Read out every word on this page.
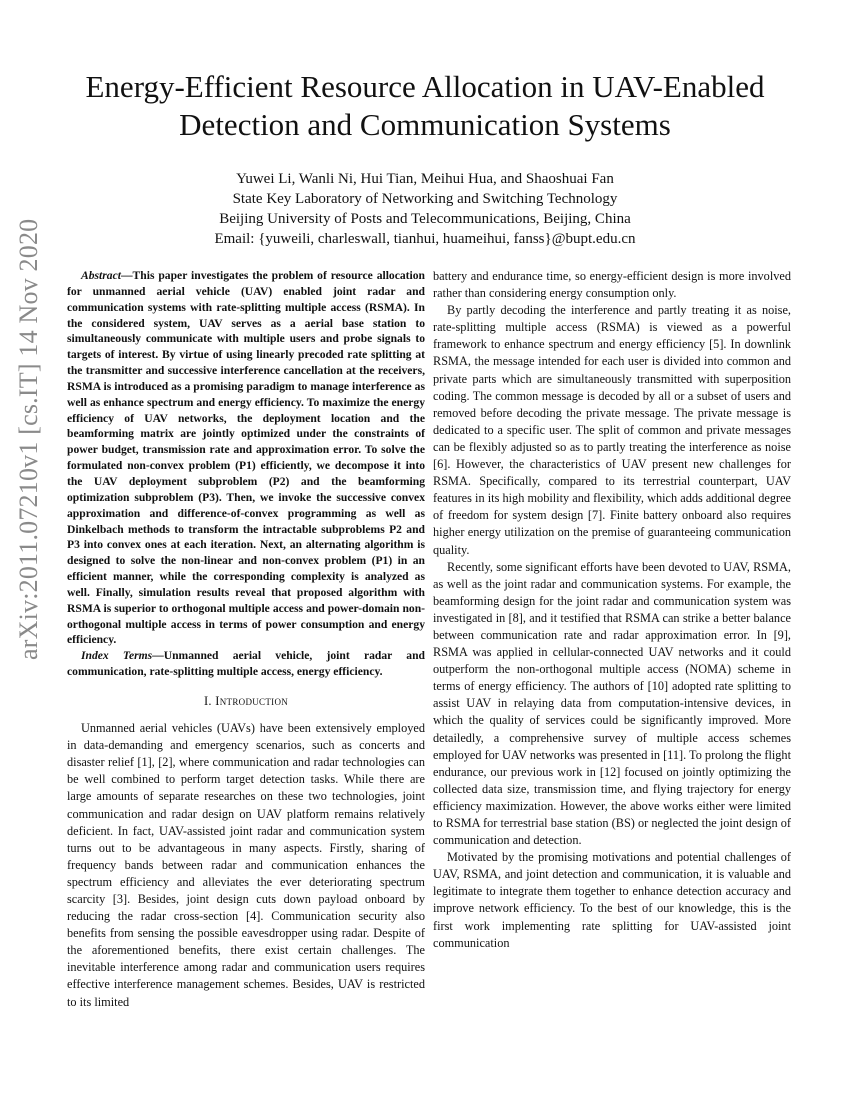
arXiv:2011.07210v1 [cs.IT] 14 Nov 2020
Energy-Efficient Resource Allocation in UAV-Enabled
Detection and Communication Systems
Yuwei Li, Wanli Ni, Hui Tian, Meihui Hua, and Shaoshuai Fan
State Key Laboratory of Networking and Switching Technology
Beijing University of Posts and Telecommunications, Beijing, China
Email: {yuweili, charleswall, tianhui, huameihui, fanss}@bupt.edu.cn

Abstract—This paper investigates the problem of resource allocation for unmanned aerial vehicle (UAV) enabled joint radar and communication systems with rate-splitting multiple access (RSMA). In the considered system, UAV serves as a aerial base station to simultaneously communicate with multiple users and probe signals to targets of interest. By virtue of using linearly precoded rate splitting at the transmitter and successive interference cancellation at the receivers, RSMA is introduced as a promising paradigm to manage interference as well as enhance spectrum and energy efficiency. To maximize the energy efficiency of UAV networks, the deployment location and the beamforming matrix are jointly optimized under the constraints of power budget, transmission rate and approximation error. To solve the formulated non-convex problem (P1) efficiently, we decompose it into the UAV deployment subproblem (P2) and the beamforming optimization subproblem (P3). Then, we invoke the successive convex approximation and difference-of-convex programming as well as Dinkelbach methods to transform the intractable subproblems P2 and P3 into convex ones at each iteration. Next, an alternating algorithm is designed to solve the non-linear and non-convex problem (P1) in an efficient manner, while the corresponding complexity is analyzed as well. Finally, simulation results reveal that proposed algorithm with RSMA is superior to orthogonal multiple access and power-domain non-orthogonal multiple access in terms of power consumption and energy efficiency.

Index Terms—Unmanned aerial vehicle, joint radar and communication, rate-splitting multiple access, energy efficiency.

I. Introduction

Unmanned aerial vehicles (UAVs) have been extensively employed in data-demanding and emergency scenarios, such as concerts and disaster relief [1], [2], where communication and radar technologies can be well combined to perform target detection tasks. While there are large amounts of separate researches on these two technologies, joint communication and radar design on UAV platform remains relatively deficient. In fact, UAV-assisted joint radar and communication system turns out to be advantageous in many aspects. Firstly, sharing of frequency bands between radar and communication enhances the spectrum efficiency and alleviates the ever deteriorating spectrum scarcity [3]. Besides, joint design cuts down payload onboard by reducing the radar cross-section [4]. Communication security also benefits from sensing the possible eavesdropper using radar. Despite of the aforementioned benefits, there exist certain challenges. The inevitable interference among radar and communication users requires effective interference management schemes. Besides, UAV is restricted to its limited

battery and endurance time, so energy-efficient design is more involved rather than considering energy consumption only.

By partly decoding the interference and partly treating it as noise, rate-splitting multiple access (RSMA) is viewed as a powerful framework to enhance spectrum and energy efficiency [5]. In downlink RSMA, the message intended for each user is divided into common and private parts which are simultaneously transmitted with superposition coding. The common message is decoded by all or a subset of users and removed before decoding the private message. The private message is dedicated to a specific user. The split of common and private messages can be flexibly adjusted so as to partly treating the interference as noise [6]. However, the characteristics of UAV present new challenges for RSMA. Specifically, compared to its terrestrial counterpart, UAV features in its high mobility and flexibility, which adds additional degree of freedom for system design [7]. Finite battery onboard also requires higher energy utilization on the premise of guaranteeing communication quality.

Recently, some significant efforts have been devoted to UAV, RSMA, as well as the joint radar and communication systems. For example, the beamforming design for the joint radar and communication system was investigated in [8], and it testified that RSMA can strike a better balance between communication rate and radar approximation error. In [9], RSMA was applied in cellular-connected UAV networks and it could outperform the non-orthogonal multiple access (NOMA) scheme in terms of energy efficiency. The authors of [10] adopted rate splitting to assist UAV in relaying data from computation-intensive devices, in which the quality of services could be significantly improved. More detailedly, a comprehensive survey of multiple access schemes employed for UAV networks was presented in [11]. To prolong the flight endurance, our previous work in [12] focused on jointly optimizing the collected data size, transmission time, and flying trajectory for energy efficiency maximization. However, the above works either were limited to RSMA for terrestrial base station (BS) or neglected the joint design of communication and detection.

Motivated by the promising motivations and potential challenges of UAV, RSMA, and joint detection and communication, it is valuable and legitimate to integrate them together to enhance detection accuracy and improve network efficiency. To the best of our knowledge, this is the first work implementing rate splitting for UAV-assisted joint communication
